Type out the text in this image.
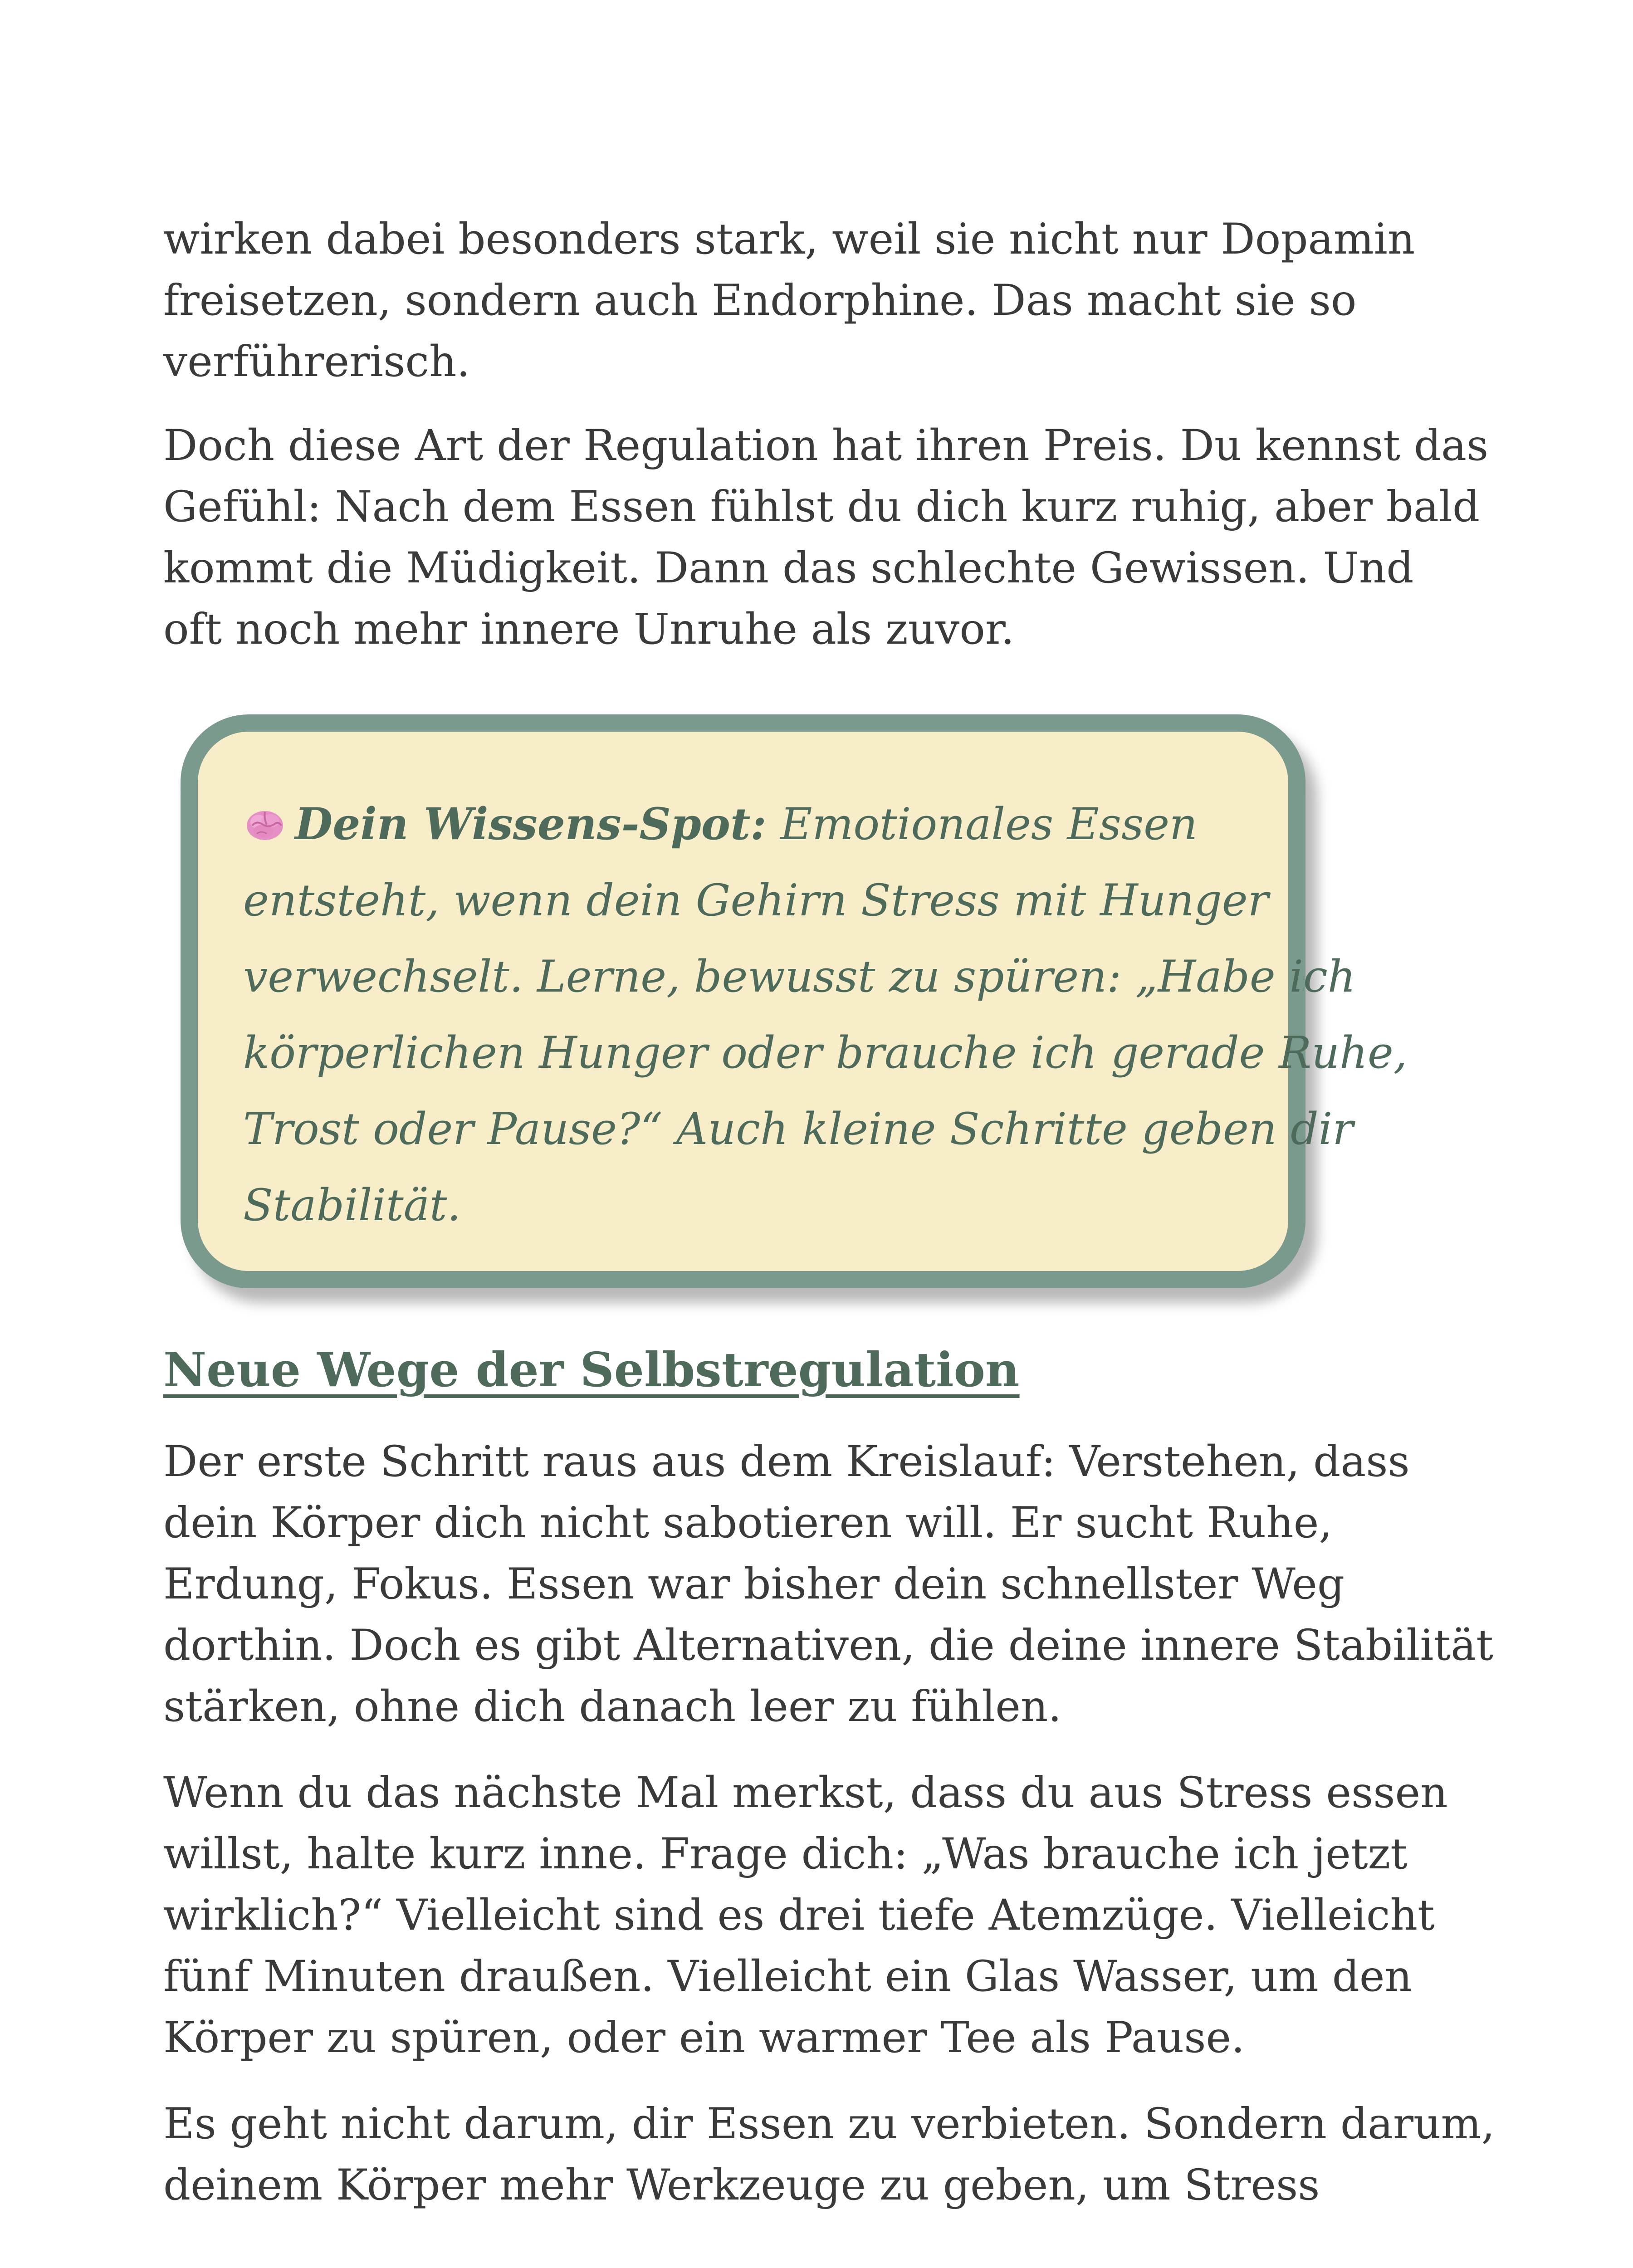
wirken dabei besonders stark, weil sie nicht nur Dopamin
freisetzen, sondern auch Endorphine. Das macht sie so
verführerisch.
Doch diese Art der Regulation hat ihren Preis. Du kennst das
Gefühl: Nach dem Essen fühlst du dich kurz ruhig, aber bald
kommt die Müdigkeit. Dann das schlechte Gewissen. Und
oft noch mehr innere Unruhe als zuvor.
Dein Wissens-Spot: Emotionales Essen
entsteht, wenn dein Gehirn Stress mit Hunger
verwechselt. Lerne, bewusst zu spüren: „Habe ich
körperlichen Hunger oder brauche ich gerade Ruhe,
Trost oder Pause?“ Auch kleine Schritte geben dir
Stabilität.
Neue Wege der Selbstregulation
Der erste Schritt raus aus dem Kreislauf: Verstehen, dass
dein Körper dich nicht sabotieren will. Er sucht Ruhe,
Erdung, Fokus. Essen war bisher dein schnellster Weg
dorthin. Doch es gibt Alternativen, die deine innere Stabilität
stärken, ohne dich danach leer zu fühlen.
Wenn du das nächste Mal merkst, dass du aus Stress essen
willst, halte kurz inne. Frage dich: „Was brauche ich jetzt
wirklich?“ Vielleicht sind es drei tiefe Atemzüge. Vielleicht
fünf Minuten draußen. Vielleicht ein Glas Wasser, um den
Körper zu spüren, oder ein warmer Tee als Pause.
Es geht nicht darum, dir Essen zu verbieten. Sondern darum,
deinem Körper mehr Werkzeuge zu geben, um Stress
